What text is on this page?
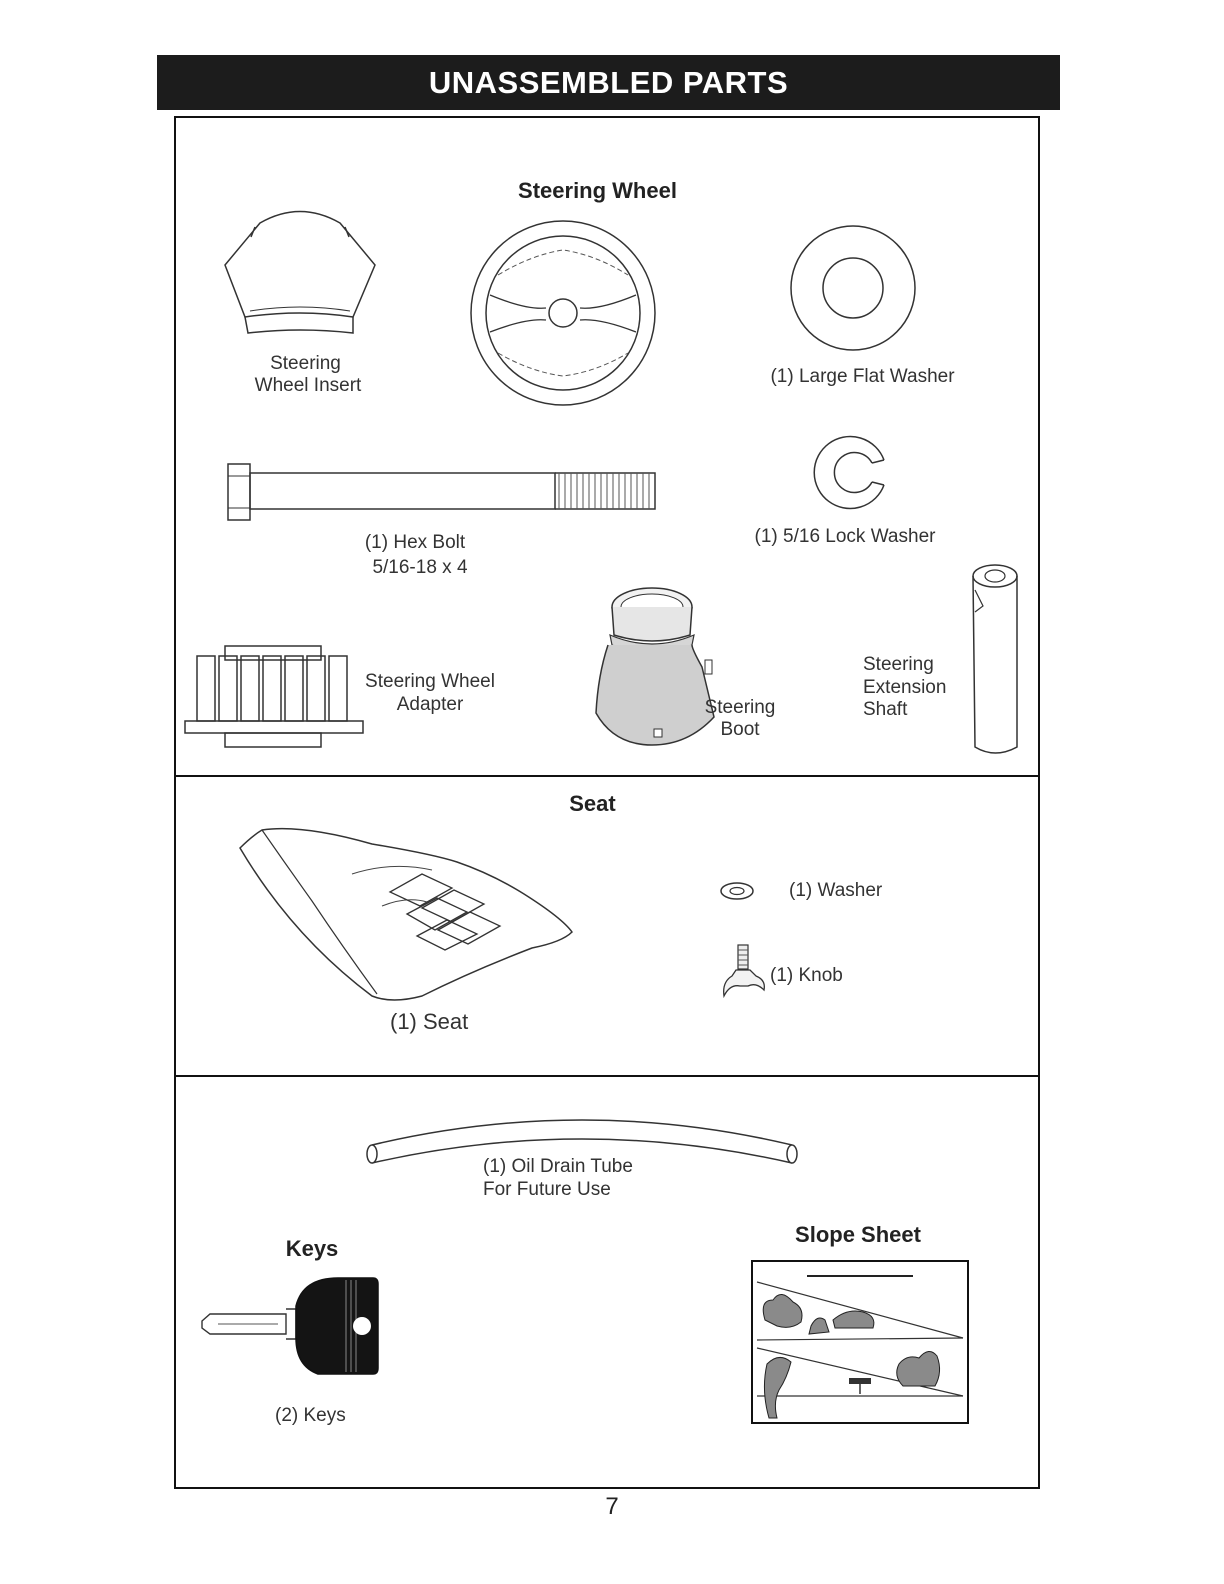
UNASSEMBLED PARTS
Steering Wheel
Steering
Wheel Insert	(1) Large Flat Washer
(1) Hex Bolt
5/16-18 x 4
(1) 5/16 Lock Washer
Steering Wheel
Adapter	Steering
Boot
Steering
Extension
Shaft
Seat
(1) Seat
(1) Washer
(1) Knob
(1) Oil Drain Tube
For Future Use
Keys
(2) Keys
Slope Sheet
7
